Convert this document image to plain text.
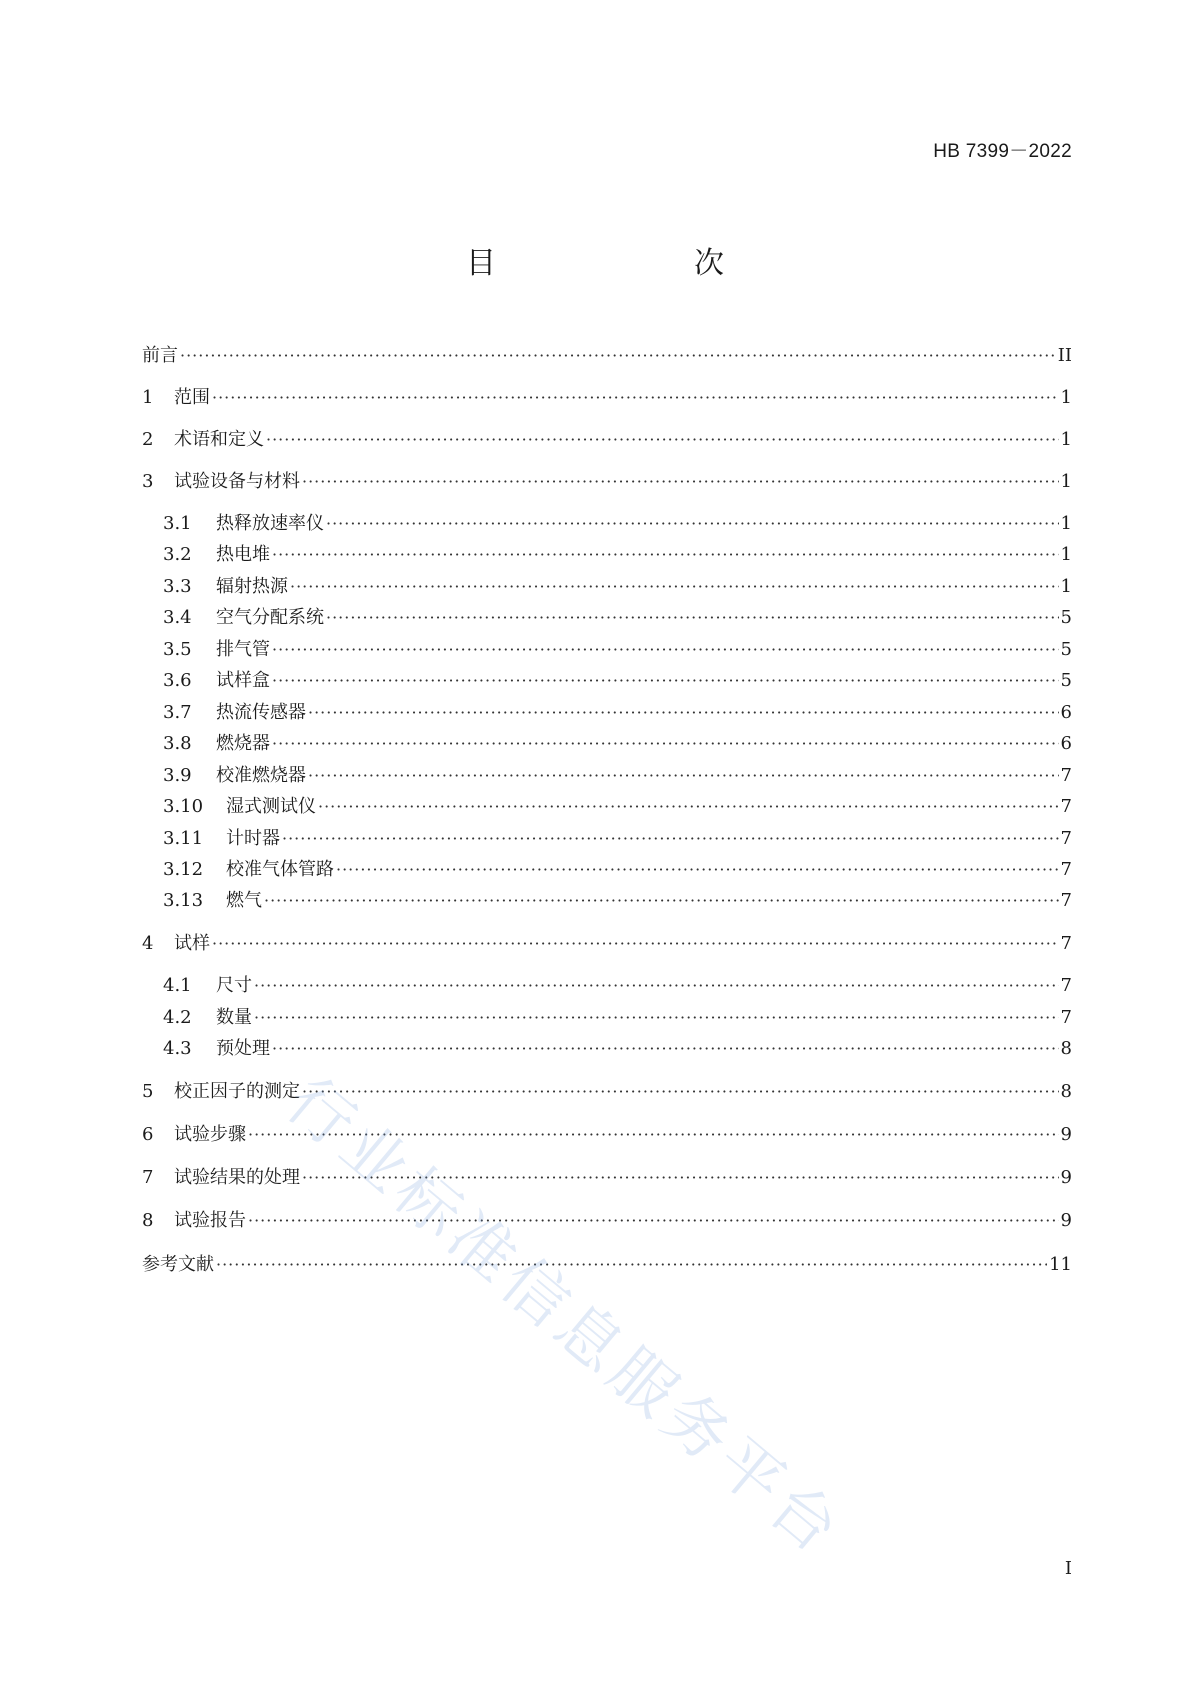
HB 7399－2022
目　　次
前言 ·····	II
1	范围 ·····	1
2	术语和定义 ·····	1
3	试验设备与材料 ·····	1
3.1	热释放速率仪 ·····	1
3.2	热电堆 ·····	1
3.3	辐射热源 ·····	1
3.4	空气分配系统 ·····	5
3.5	排气管 ·····	5
3.6	试样盒 ·····	5
3.7	热流传感器 ·····	6
3.8	燃烧器 ·····	6
3.9	校准燃烧器 ·····	7
3.10	湿式测试仪 ·····	7
3.11	计时器 ·····	7
3.12	校准气体管路 ·····	7
3.13	燃气 ·····	7
4	试样 ·····	7
4.1	尺寸 ·····	7
4.2	数量 ·····	7
4.3	预处理 ·····	8
5	校正因子的测定 ·····	8
6	试验步骤 ·····	9
7	试验结果的处理 ·····	9
8	试验报告 ·····	9
参考文献 ·····	11
行业标准信息服务平台	I
